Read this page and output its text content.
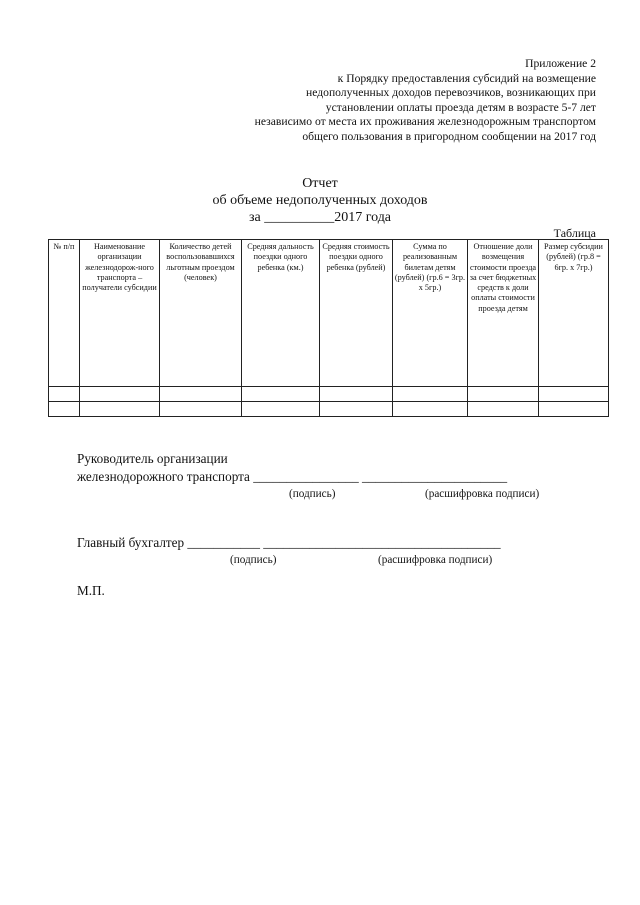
Приложение 2
к Порядку предоставления субсидий на возмещение
недополученных доходов перевозчиков, возникающих при
установлении оплаты проезда детям в возрасте 5-7 лет
независимо от места их проживания железнодорожным транспортом
общего пользования в пригородном сообщении на 2017 год
Отчет
об объеме недополученных доходов
за __________2017 года
Таблица
№ п/п	Наименование организации железнодорож-ного транспорта – получатели субсидии	Количество детей воспользовавшихся льготным проездом (человек)	Средняя дальность поездки одного ребенка (км.)	Средняя стоимость поездки одного ребенка (рублей)	Сумма по реализованным билетам детям (рублей) (гр.6 = 3гр. х 5гр.)	Отношение доли возмещения стоимости проезда за счет бюджетных средств к доли оплаты стоимости проезда детям	Размер субсидии (рублей) (гр.8 = 6гр. х 7гр.)

Руководитель организации
железнодорожного транспорта ________________ ______________________
(подпись)	(расшифровка подписи)
Главный бухгалтер ___________ ____________________________________
(подпись)	(расшифровка подписи)
М.П.
